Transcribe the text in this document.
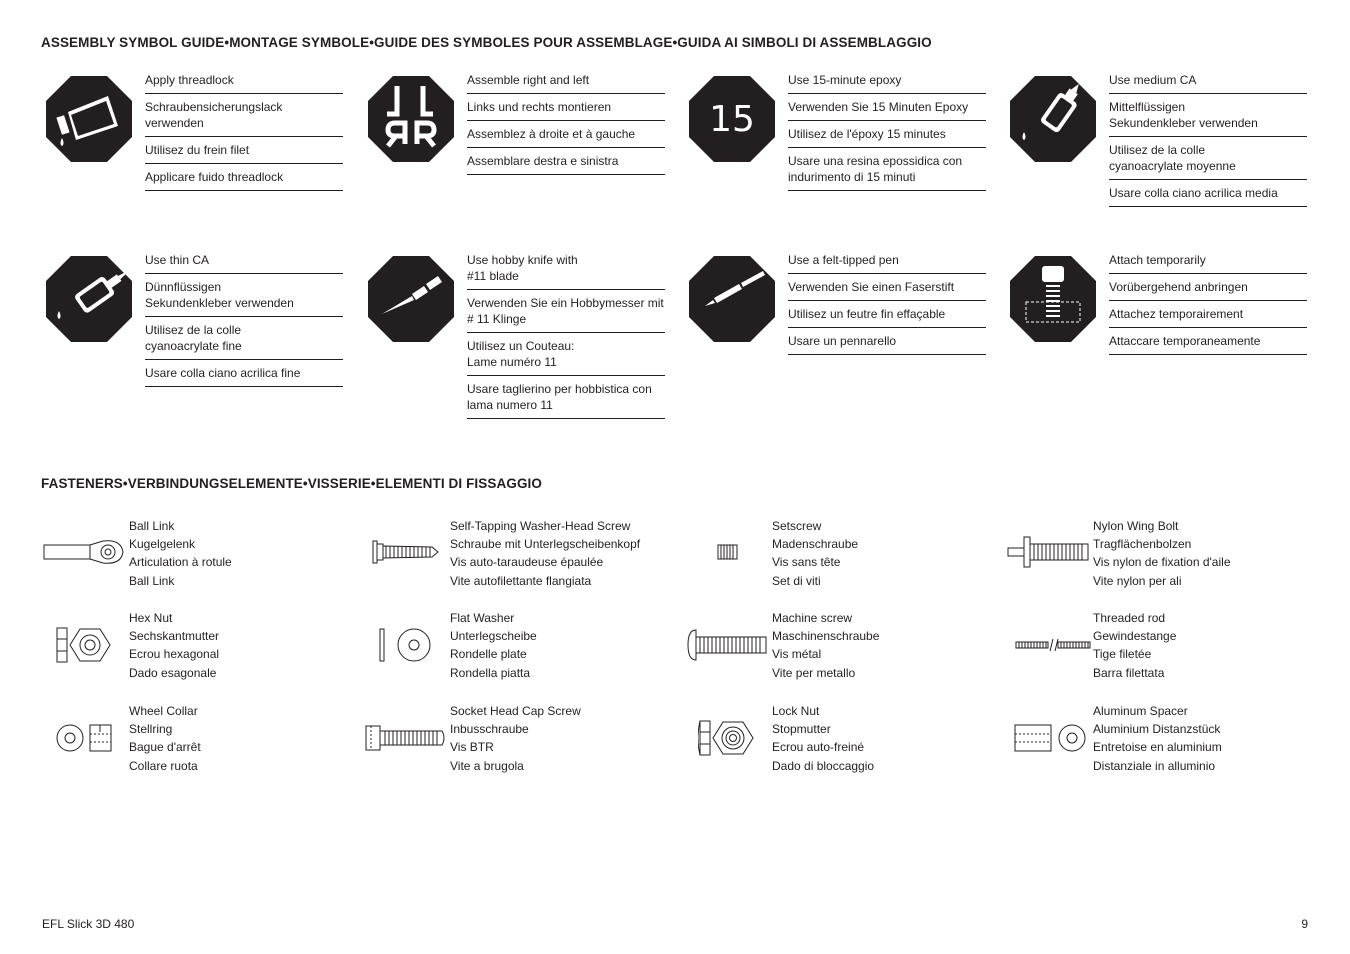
ASSEMBLY SYMBOL GUIDE•MONTAGE SYMBOLE•GUIDE DES SYMBOLES POUR ASSEMBLAGE•GUIDA AI SIMBOLI DI ASSEMBLAGGIO
Apply threadlock
Schraubensicherungslack verwenden
Utilisez du frein filet
Applicare fuido threadlock
Assemble right and left
Links und rechts montieren
Assemblez à droite et à gauche
Assemblare destra e sinistra
15
Use 15-minute epoxy
Verwenden Sie 15 Minuten Epoxy
Utilisez de l'époxy 15 minutes
Usare una resina epossidica con
indurimento di 15 minuti
Use medium CA
Mittelflüssigen
Sekundenkleber verwenden
Utilisez de la colle
cyanoacrylate moyenne
Usare colla ciano acrilica media
Use thin CA
Dünnflüssigen
Sekundenkleber verwenden
Utilisez de la colle
cyanoacrylate fine
Usare colla ciano acrilica fine
Use hobby knife with
#11 blade
Verwenden Sie ein Hobbymesser mit
# 11 Klinge
Utilisez un Couteau:
Lame numéro 11
Usare taglierino per hobbistica con
lama numero 11
Use a felt-tipped pen
Verwenden Sie einen Faserstift
Utilisez un feutre fin effaçable
Usare un pennarello
Attach temporarily
Vorübergehend anbringen
Attachez temporairement
Attaccare temporaneamente
FASTENERS•VERBINDUNGSELEMENTE•VISSERIE•ELEMENTI DI FISSAGGIO
Ball Link
Kugelgelenk
Articulation à rotule
Ball Link
Self-Tapping Washer-Head Screw
Schraube mit Unterlegscheibenkopf
Vis auto-taraudeuse épaulée
Vite autofilettante flangiata
Setscrew
Madenschraube
Vis sans tête
Set di viti
Nylon Wing Bolt
Tragflächenbolzen
Vis nylon de fixation d'aile
Vite nylon per ali
Hex Nut
Sechskantmutter
Ecrou hexagonal
Dado esagonale
Flat Washer
Unterlegscheibe
Rondelle plate
Rondella piatta
Machine screw
Maschinenschraube
Vis métal
Vite per metallo
Threaded rod
Gewindestange
Tige filetée
Barra filettata
Wheel Collar
Stellring
Bague d'arrêt
Collare ruota
Socket Head Cap Screw
Inbusschraube
Vis BTR
Vite a brugola
Lock Nut
Stopmutter
Ecrou auto-freiné
Dado di bloccaggio
Aluminum Spacer
Aluminium Distanzstück
Entretoise en aluminium
Distanziale in alluminio
EFL Slick 3D 480	9
